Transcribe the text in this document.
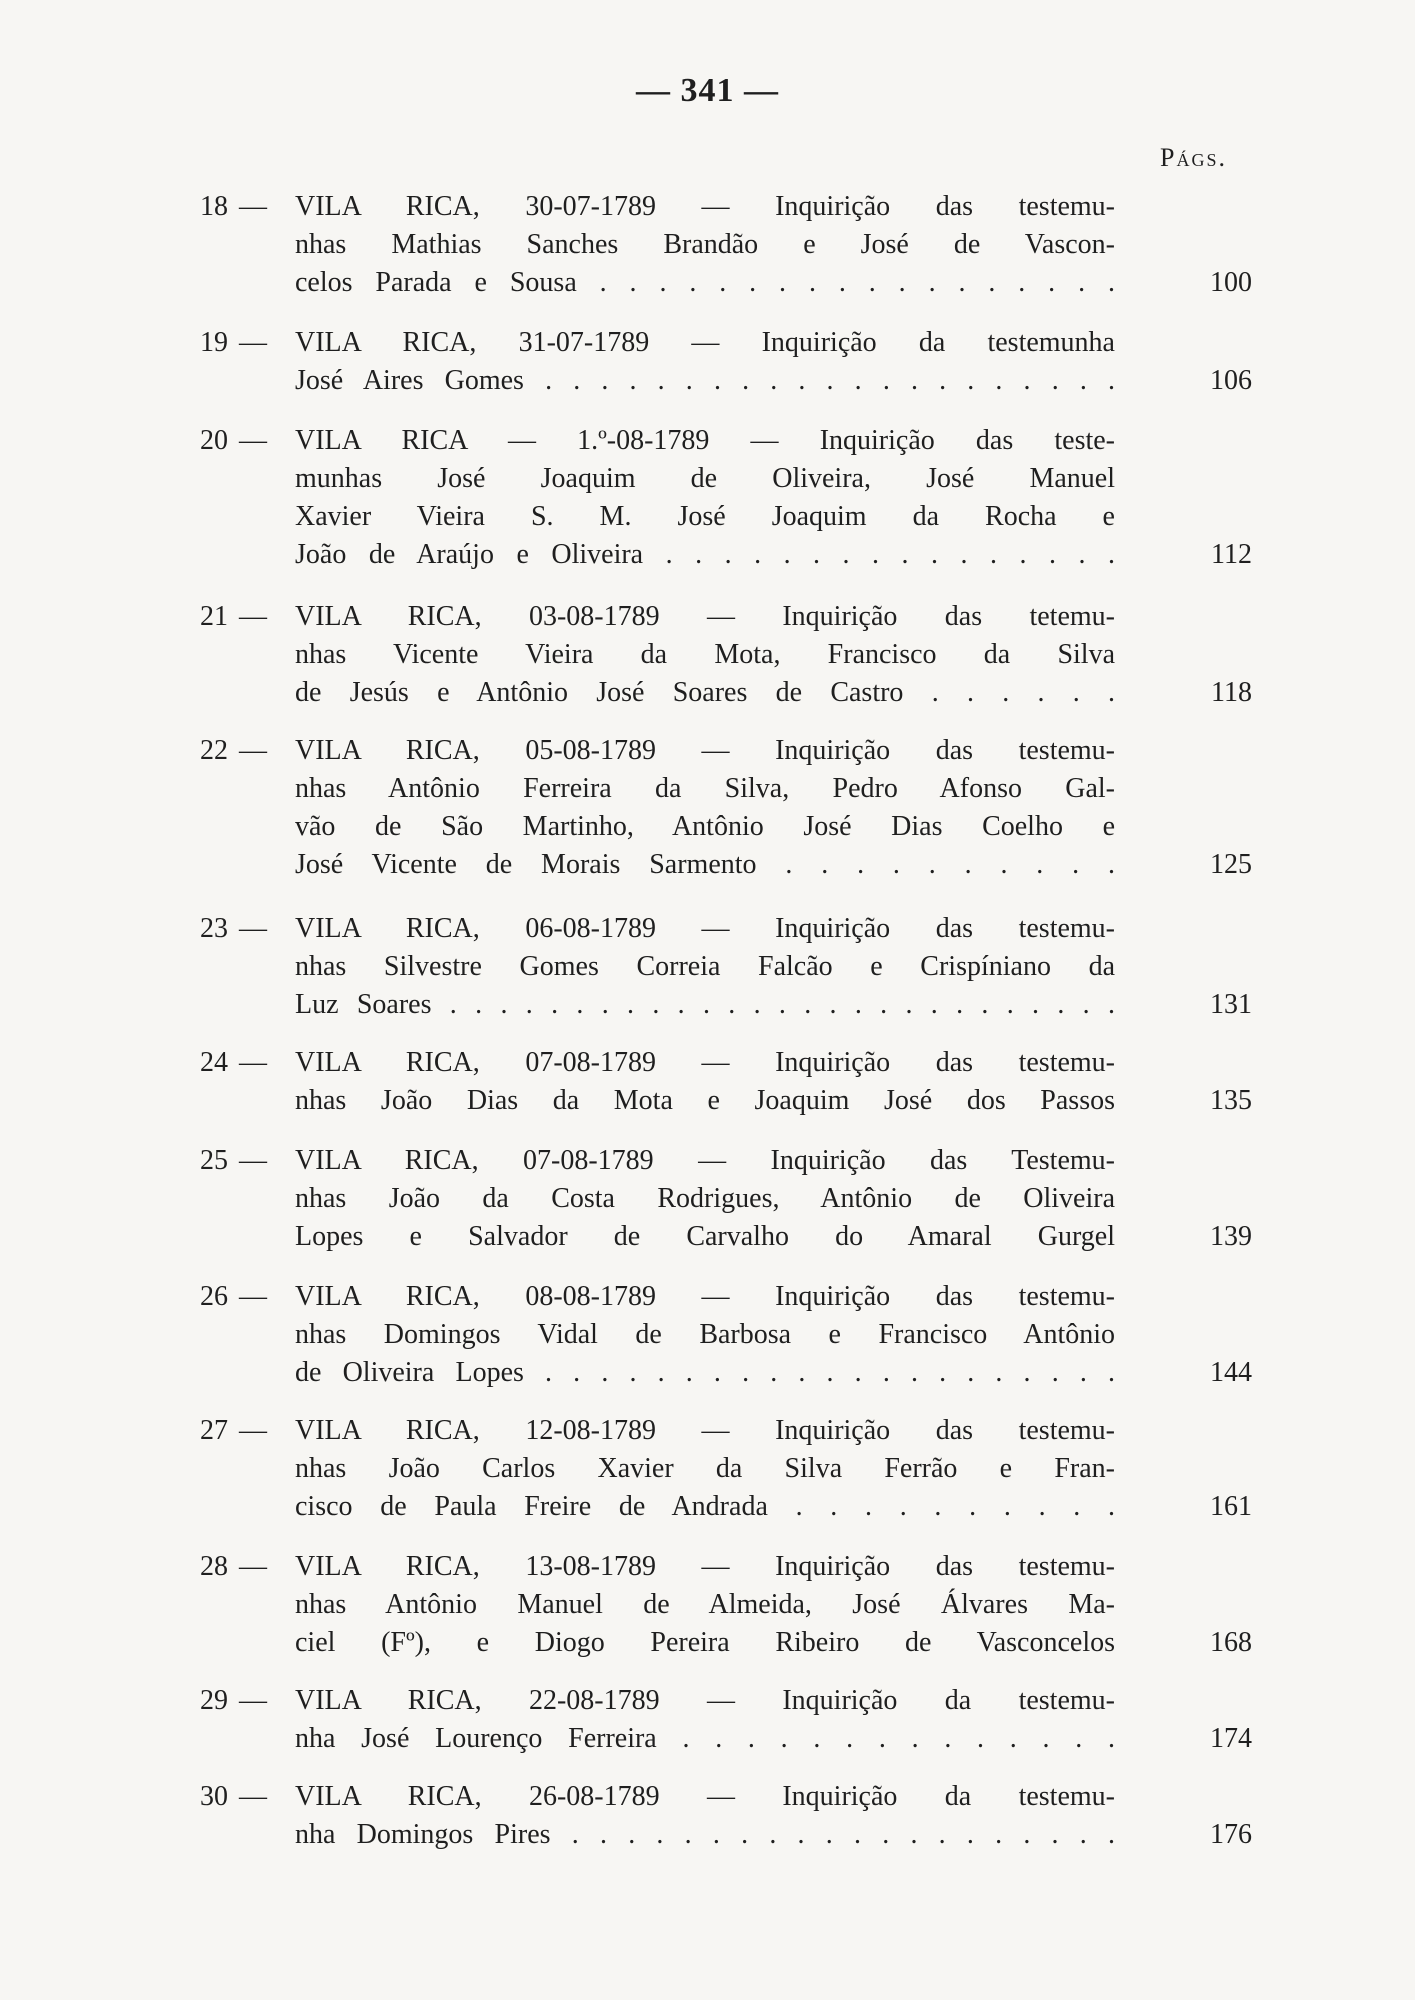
— 341 —
Págs.
18 — VILA RICA, 30-07-1789 — Inquirição das testemu-
nhas Mathias Sanches Brandão e José de Vascon-
celos Parada e Sousa . . . . . . . . . . . . . . . . . .	100
19 — VILA RICA, 31-07-1789 — Inquirição da testemunha
José Aires Gomes . . . . . . . . . . . . . . . . . . . . .	106
20 — VILA RICA — 1.º-08-1789 — Inquirição das teste-
munhas José Joaquim de Oliveira, José Manuel
Xavier Vieira S. M. José Joaquim da Rocha e
João de Araújo e Oliveira . . . . . . . . . . . . . . . .	112
21 — VILA RICA, 03-08-1789 — Inquirição das tetemu-
nhas Vicente Vieira da Mota, Francisco da Silva
de Jesús e Antônio José Soares de Castro . . . . . .	118
22 — VILA RICA, 05-08-1789 — Inquirição das testemu-
nhas Antônio Ferreira da Silva, Pedro Afonso Gal-
vão de São Martinho, Antônio José Dias Coelho e
José Vicente de Morais Sarmento . . . . . . . . . .	125
23 — VILA RICA, 06-08-1789 — Inquirição das testemu-
nhas Silvestre Gomes Correia Falcão e Crispíniano da
Luz Soares . . . . . . . . . . . . . . . . . . . . . . . . . . .	131
24 — VILA RICA, 07-08-1789 — Inquirição das testemu-
nhas João Dias da Mota e Joaquim José dos Passos	135
25 — VILA RICA, 07-08-1789 — Inquirição das Testemu-
nhas João da Costa Rodrigues, Antônio de Oliveira
Lopes e Salvador de Carvalho do Amaral Gurgel	139
26 — VILA RICA, 08-08-1789 — Inquirição das testemu-
nhas Domingos Vidal de Barbosa e Francisco Antônio
de Oliveira Lopes . . . . . . . . . . . . . . . . . . . . .	144
27 — VILA RICA, 12-08-1789 — Inquirição das testemu-
nhas João Carlos Xavier da Silva Ferrão e Fran-
cisco de Paula Freire de Andrada . . . . . . . . . .	161
28 — VILA RICA, 13-08-1789 — Inquirição das testemu-
nhas Antônio Manuel de Almeida, José Álvares Ma-
ciel (Fº), e Diogo Pereira Ribeiro de Vasconcelos	168
29 — VILA RICA, 22-08-1789 — Inquirição da testemu-
nha José Lourenço Ferreira . . . . . . . . . . . . . .	174
30 — VILA RICA, 26-08-1789 — Inquirição da testemu-
nha Domingos Pires . . . . . . . . . . . . . . . . . . . .	176
